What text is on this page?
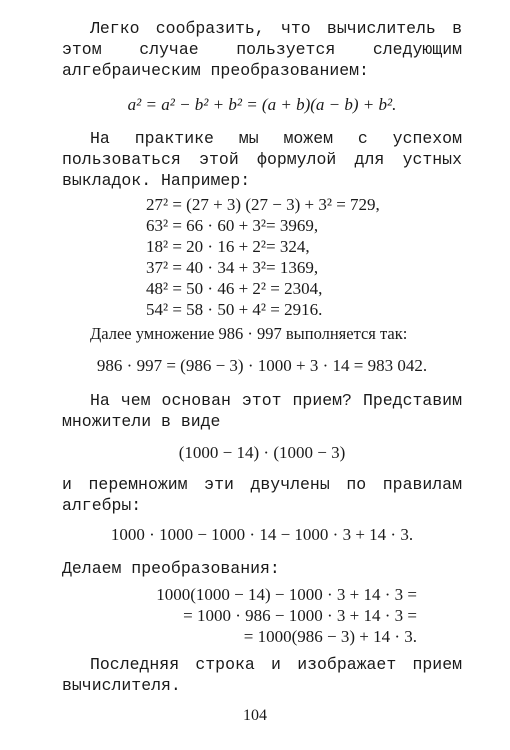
Легко сообразить, что вычислитель в этом случае пользуется следующим алгебраическим преобразованием:

a² = a² − b² + b² = (a + b)(a − b) + b².

На практике мы можем с успехом пользоваться этой формулой для устных выкладок. Например:

27² = (27 + 3) (27 − 3) + 3² = 729,
63² = 66 · 60 + 3²= 3969,
18² = 20 · 16 + 2²= 324,
37² = 40 · 34 + 3²= 1369,
48² = 50 · 46 + 2² = 2304,
54² = 58 · 50 + 4² = 2916.

Далее умножение 986 · 997 выполняется так:

986 · 997 = (986 − 3) · 1000 + 3 · 14 = 983 042.

На чем основан этот прием? Представим множители в виде

(1000 − 14) · (1000 − 3)

и перемножим эти двучлены по правилам алгебры:

1000 · 1000 − 1000 · 14 − 1000 · 3 + 14 · 3.

Делаем преобразования:

1000(1000 − 14) − 1000 · 3 + 14 · 3 =
= 1000 · 986 − 1000 · 3 + 14 · 3 =
= 1000(986 − 3) + 14 · 3.

Последняя строка и изображает прием вычислителя.

104
